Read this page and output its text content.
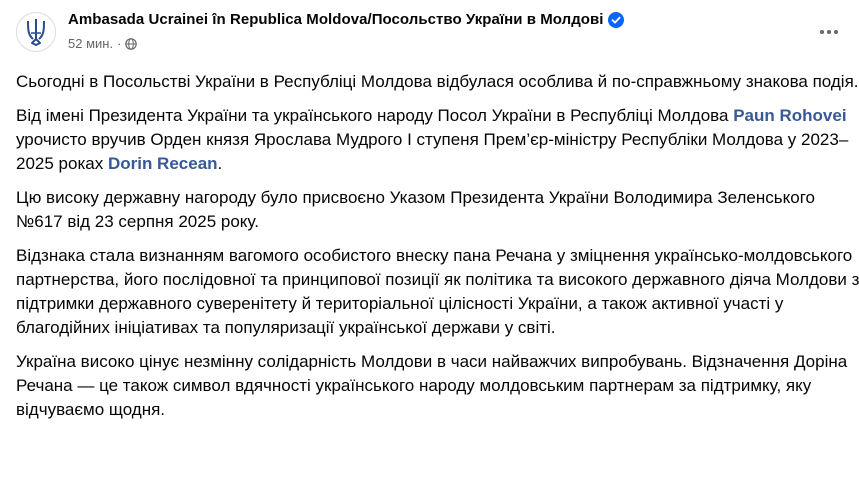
Ambasada Ucrainei în Republica Moldova/Посольство України в Молдові
52 мин. ·

Сьогодні в Посольстві України в Республіці Молдова відбулася особлива й по-справжньому знакова подія.

Від імені Президента України та українського народу Посол України в Республіці Молдова Paun Rohovei урочисто вручив Орден князя Ярослава Мудрого І ступеня Прем’єр-міністру Республіки Молдова у 2023–2025 роках Dorin Recean.

Цю високу державну нагороду було присвоєно Указом Президента України Володимира Зеленського №617 від 23 серпня 2025 року.

Відзнака стала визнанням вагомого особистого внеску пана Речана у зміцнення українсько-молдовського партнерства, його послідовної та принципової позиції як політика та високого державного діяча Молдови з підтримки державного суверенітету й територіальної цілісності України, а також активної участі у благодійних ініціативах та популяризації української держави у світі.

Україна високо цінує незмінну солідарність Молдови в часи найважчих випробувань. Відзначення Доріна Речана — це також символ вдячності українського народу молдовським партнерам за підтримку, яку відчуваємо щодня.
